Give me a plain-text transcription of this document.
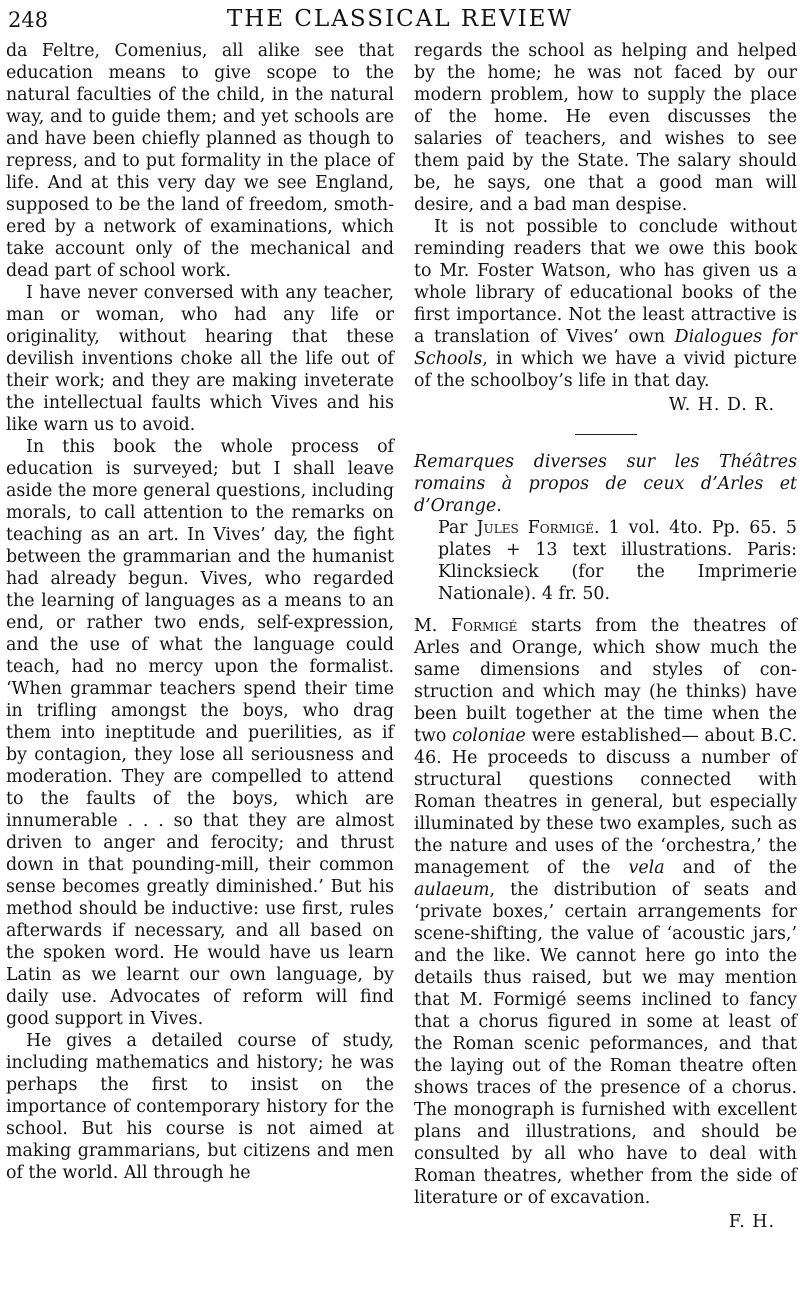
248	THE CLASSICAL REVIEW

da Feltre, Comenius, all alike see that education means to give scope to the natural faculties of the child, in the natural way, and to guide them; and yet schools are and have been chiefly planned as though to repress, and to put formality in the place of life. And at this very day we see England, supposed to be the land of freedom, smothered by a network of examinations, which take account only of the mechanical and dead part of school work.

I have never conversed with any teacher, man or woman, who had any life or originality, without hearing that these devilish inventions choke all the life out of their work; and they are making inveterate the intellectual faults which Vives and his like warn us to avoid.

In this book the whole process of education is surveyed; but I shall leave aside the more general questions, including morals, to call attention to the remarks on teaching as an art. In Vives’ day, the fight between the grammarian and the humanist had already begun. Vives, who regarded the learning of languages as a means to an end, or rather two ends, self-expression, and the use of what the language could teach, had no mercy upon the formalist. ‘When grammar teachers spend their time in trifling amongst the boys, who drag them into ineptitude and puerilities, as if by contagion, they lose all seriousness and moderation. They are compelled to attend to the faults of the boys, which are innumerable . . . so that they are almost driven to anger and ferocity; and thrust down in that pounding-mill, their common sense becomes greatly diminished.’ But his method should be inductive: use first, rules afterwards if necessary, and all based on the spoken word. He would have us learn Latin as we learnt our own language, by daily use. Advocates of reform will find good support in Vives.

He gives a detailed course of study, including mathematics and history; he was perhaps the first to insist on the importance of contemporary history for the school. But his course is not aimed at making grammarians, but citizens and men of the world. All through he

regards the school as helping and helped by the home; he was not faced by our modern problem, how to supply the place of the home. He even discusses the salaries of teachers, and wishes to see them paid by the State. The salary should be, he says, one that a good man will desire, and a bad man despise.

It is not possible to conclude without reminding readers that we owe this book to Mr. Foster Watson, who has given us a whole library of educational books of the first importance. Not the least attractive is a translation of Vives’ own Dialogues for Schools, in which we have a vivid picture of the schoolboy’s life in that day.

W. H. D. R.
Remarques diverses sur les Théâtres romains à propos de ceux d’Arles et d’Orange.
Par Jules Formigé. 1 vol. 4to. Pp. 65. 5 plates + 13 text illustrations. Paris: Klincksieck (for the Imprimerie Nationale). 4 fr. 50.

M. Formigé starts from the theatres of Arles and Orange, which show much the same dimensions and styles of construction and which may (he thinks) have been built together at the time when the two coloniae were established— about B.C. 46. He proceeds to discuss a number of structural questions connected with Roman theatres in general, but especially illuminated by these two examples, such as the nature and uses of the ‘orchestra,’ the management of the vela and of the aulaeum, the distribution of seats and ‘private boxes,’ certain arrangements for scene-shifting, the value of ‘acoustic jars,’ and the like. We cannot here go into the details thus raised, but we may mention that M. Formigé seems inclined to fancy that a chorus figured in some at least of the Roman scenic peformances, and that the laying out of the Roman theatre often shows traces of the presence of a chorus. The monograph is furnished with excellent plans and illustrations, and should be consulted by all who have to deal with Roman theatres, whether from the side of literature or of excavation.

F. H.
